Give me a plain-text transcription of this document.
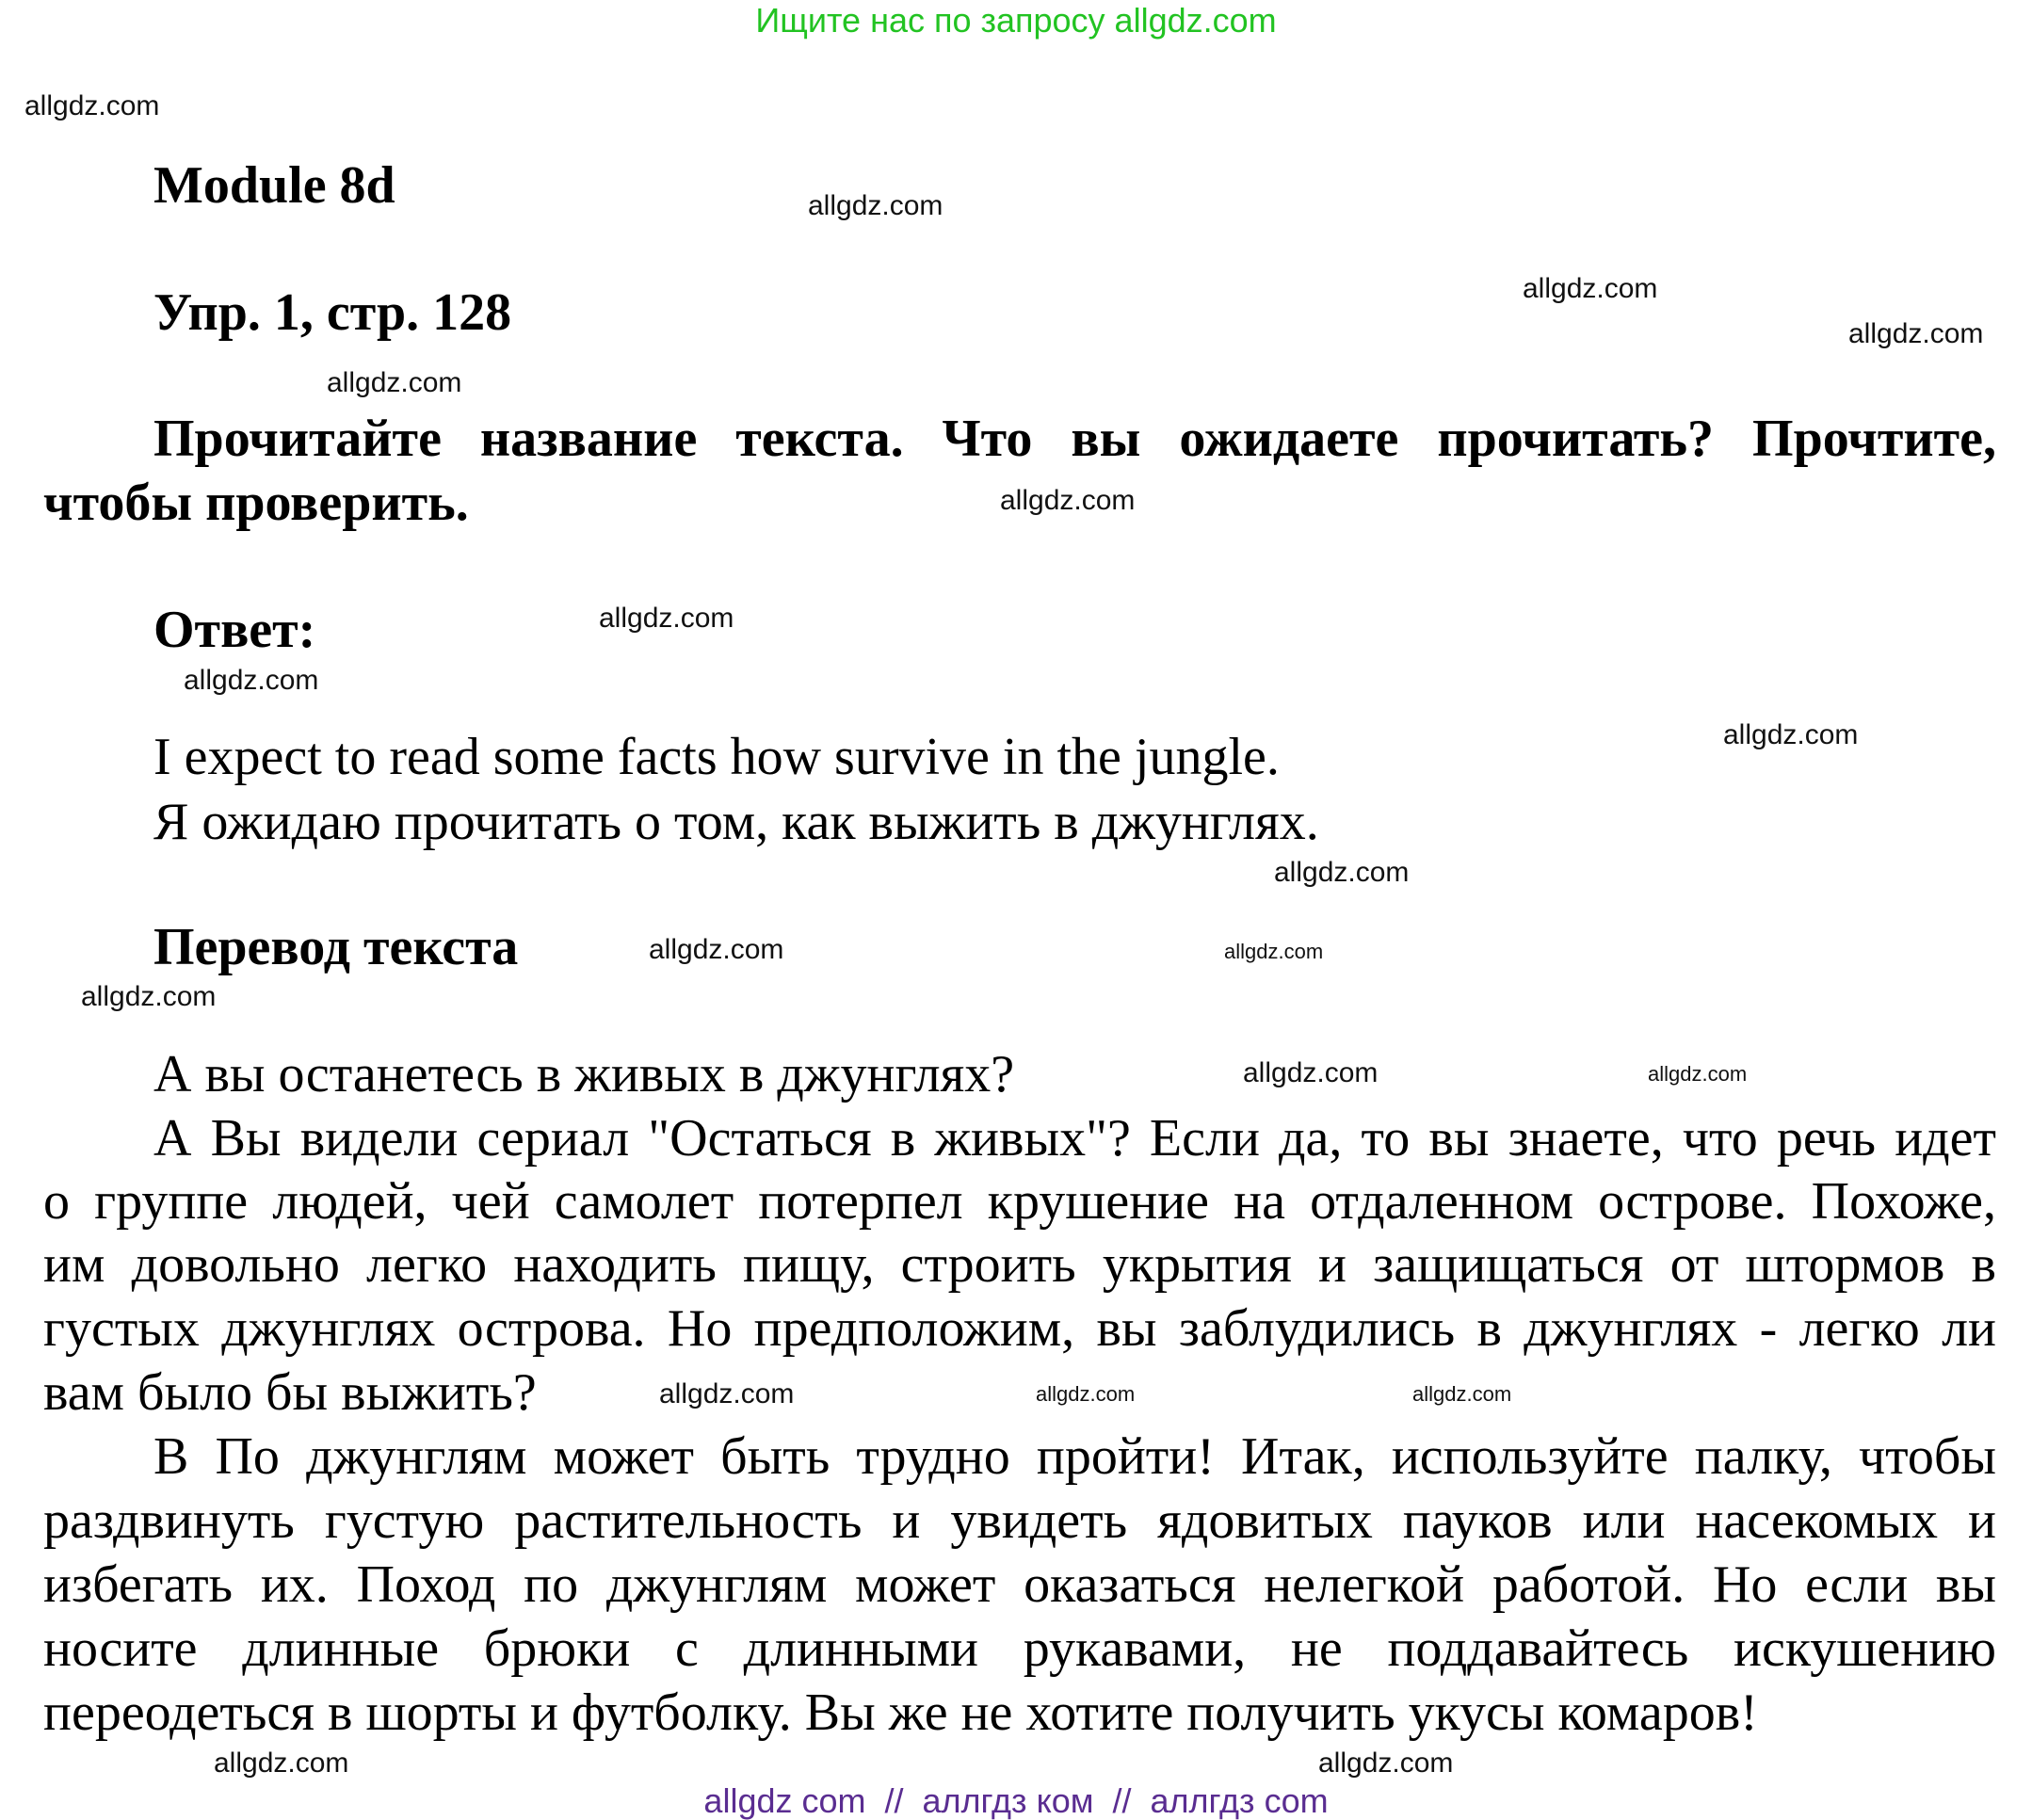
Ищите нас по запросу allgdz.com
Module 8d
Упр. 1, стр. 128
Прочитайте название текста. Что вы ожидаете прочитать? Прочтите,
чтобы проверить.
Ответ:
I expect to read some facts how survive in the jungle.
Я ожидаю прочитать о том, как выжить в джунглях.
Перевод текста
А вы останетесь в живых в джунглях?
А Вы видели сериал "Остаться в живых"? Если да, то вы знаете, что речь идет
о группе людей, чей самолет потерпел крушение на отдаленном острове. Похоже,
им довольно легко находить пищу, строить укрытия и защищаться от штормов в
густых джунглях острова. Но предположим, вы заблудились в джунглях - легко ли
вам было бы выжить?
В По джунглям может быть трудно пройти! Итак, используйте палку, чтобы
раздвинуть густую растительность и увидеть ядовитых пауков или насекомых и
избегать их. Поход по джунглям может оказаться нелегкой работой. Но если вы
носите длинные брюки с длинными рукавами, не поддавайтесь искушению
переодеться в шорты и футболку. Вы же не хотите получить укусы комаров!
allgdz.com
allgdz.com
allgdz.com
allgdz.com
allgdz.com
allgdz.com
allgdz.com
allgdz.com
allgdz.com
allgdz.com
allgdz.com	allgdz.com
allgdz.com
allgdz.com	allgdz.com
allgdz.com	allgdz.com	allgdz.com
allgdz.com
allgdz.com
allgdz com  //  аллгдз ком  //  аллгдз com
